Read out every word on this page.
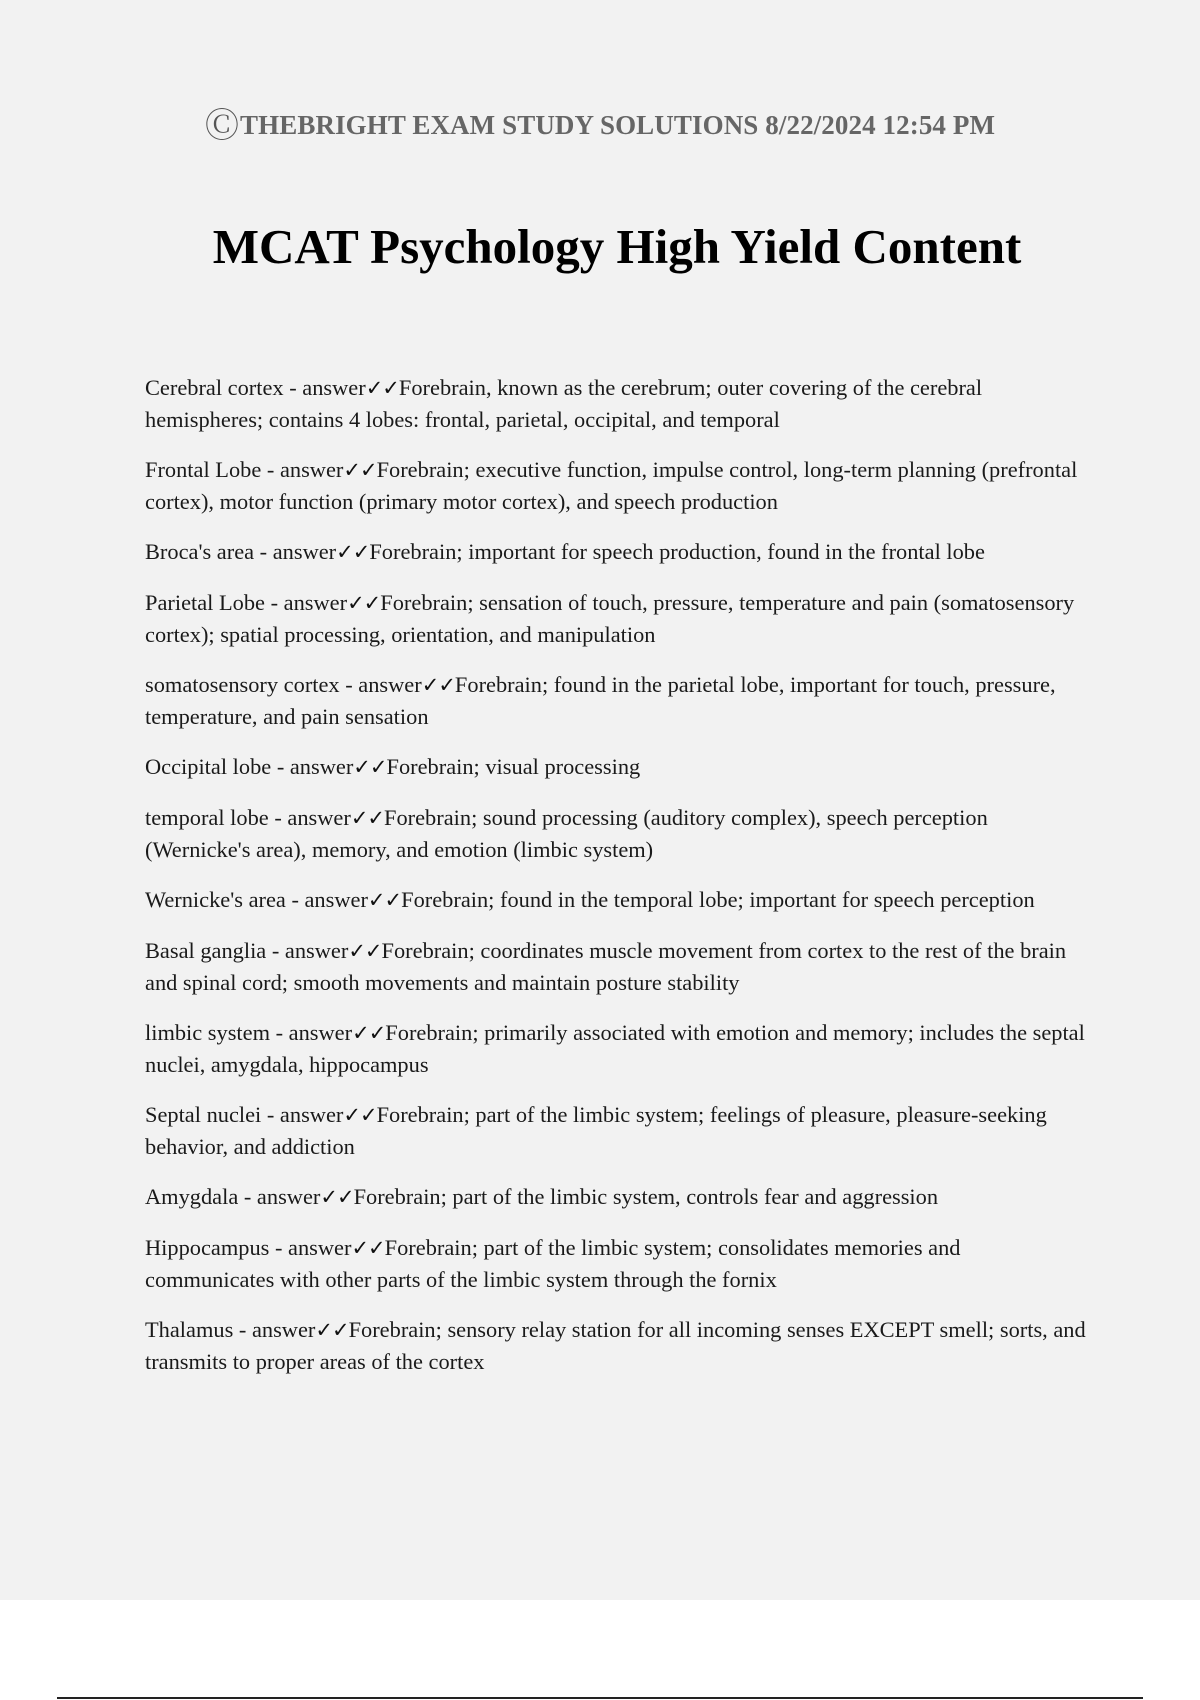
ⒸTHEBRIGHT EXAM STUDY SOLUTIONS 8/22/2024 12:54 PM
MCAT Psychology High Yield Content

Cerebral cortex - answer✓✓Forebrain, known as the cerebrum; outer covering of the cerebral hemispheres; contains 4 lobes: frontal, parietal, occipital, and temporal

Frontal Lobe - answer✓✓Forebrain; executive function, impulse control, long-term planning (prefrontal cortex), motor function (primary motor cortex), and speech production

Broca's area - answer✓✓Forebrain; important for speech production, found in the frontal lobe

Parietal Lobe - answer✓✓Forebrain; sensation of touch, pressure, temperature and pain (somatosensory cortex); spatial processing, orientation, and manipulation

somatosensory cortex - answer✓✓Forebrain; found in the parietal lobe, important for touch, pressure, temperature, and pain sensation

Occipital lobe - answer✓✓Forebrain; visual processing

temporal lobe - answer✓✓Forebrain; sound processing (auditory complex), speech perception (Wernicke's area), memory, and emotion (limbic system)

Wernicke's area - answer✓✓Forebrain; found in the temporal lobe; important for speech perception

Basal ganglia - answer✓✓Forebrain; coordinates muscle movement from cortex to the rest of the brain and spinal cord; smooth movements and maintain posture stability

limbic system - answer✓✓Forebrain; primarily associated with emotion and memory; includes the septal nuclei, amygdala, hippocampus

Septal nuclei - answer✓✓Forebrain; part of the limbic system; feelings of pleasure, pleasure-seeking behavior, and addiction

Amygdala - answer✓✓Forebrain; part of the limbic system, controls fear and aggression

Hippocampus - answer✓✓Forebrain; part of the limbic system; consolidates memories and communicates with other parts of the limbic system through the fornix

Thalamus - answer✓✓Forebrain; sensory relay station for all incoming senses EXCEPT smell; sorts, and transmits to proper areas of the cortex
